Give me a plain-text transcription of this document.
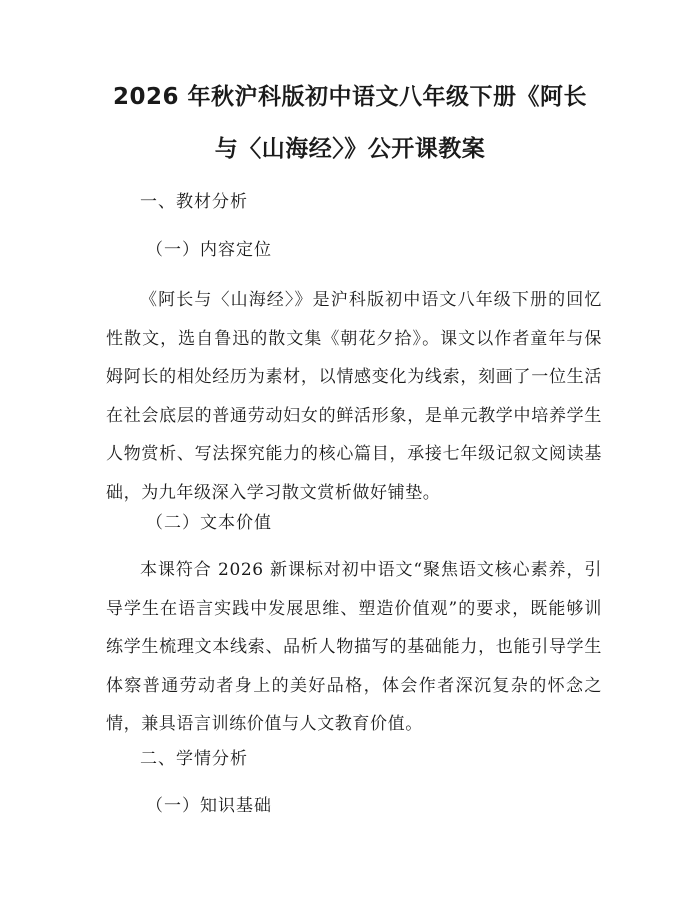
2026 年秋沪科版初中语文八年级下册《阿长
与〈山海经〉》公开课教案

一、教材分析

（一）内容定位

《阿长与〈山海经〉》是沪科版初中语文八年级下册的回忆性散文，选自鲁迅的散文集《朝花夕拾》。课文以作者童年与保姆阿长的相处经历为素材，以情感变化为线索，刻画了一位生活在社会底层的普通劳动妇女的鲜活形象，是单元教学中培养学生人物赏析、写法探究能力的核心篇目，承接七年级记叙文阅读基础，为九年级深入学习散文赏析做好铺垫。

（二）文本价值

本课符合 2026 新课标对初中语文“聚焦语文核心素养，引导学生在语言实践中发展思维、塑造价值观”的要求，既能够训练学生梳理文本线索、品析人物描写的基础能力，也能引导学生体察普通劳动者身上的美好品格，体会作者深沉复杂的怀念之情，兼具语言训练价值与人文教育价值。

二、学情分析

（一）知识基础
